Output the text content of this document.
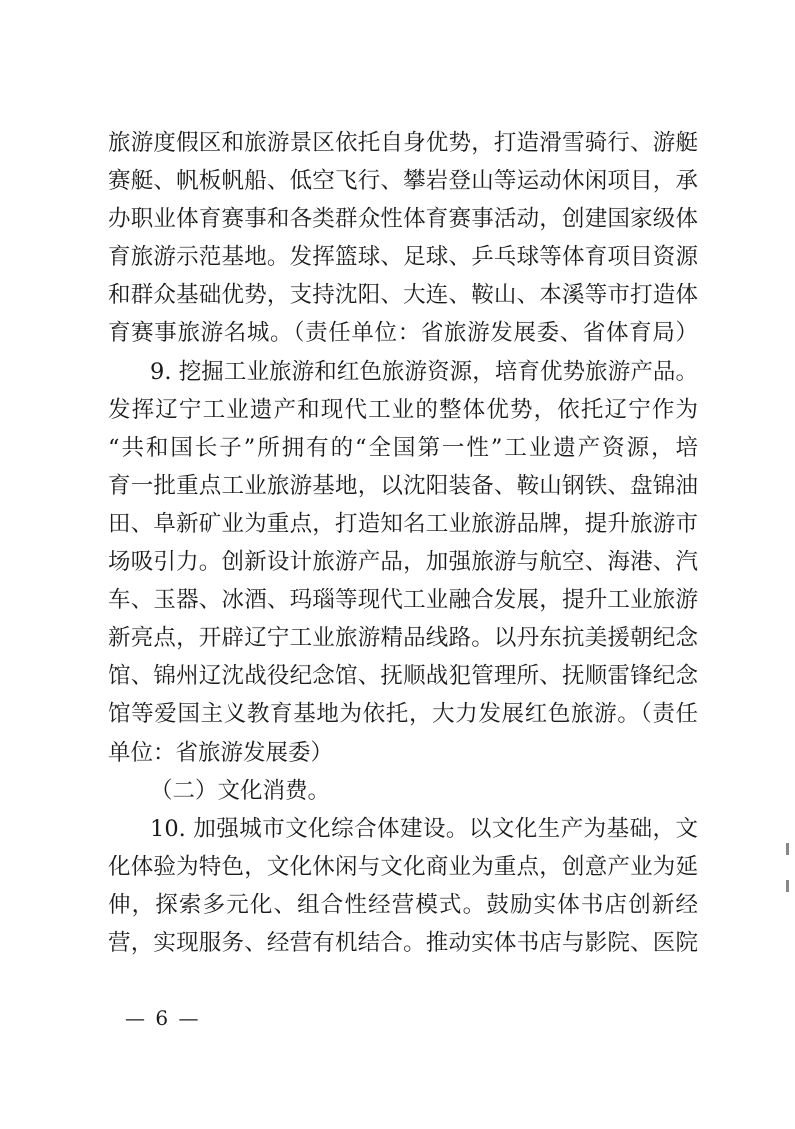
旅游度假区和旅游景区依托自身优势，打造滑雪骑行、游艇
赛艇、帆板帆船、低空飞行、攀岩登山等运动休闲项目，承
办职业体育赛事和各类群众性体育赛事活动，创建国家级体
育旅游示范基地。发挥篮球、足球、乒乓球等体育项目资源
和群众基础优势，支持沈阳、大连、鞍山、本溪等市打造体
育赛事旅游名城。（责任单位：省旅游发展委、省体育局）
9. 挖掘工业旅游和红色旅游资源，培育优势旅游产品。
发挥辽宁工业遗产和现代工业的整体优势，依托辽宁作为
“共和国长子”所拥有的“全国第一性”工业遗产资源，培
育一批重点工业旅游基地，以沈阳装备、鞍山钢铁、盘锦油
田、阜新矿业为重点，打造知名工业旅游品牌，提升旅游市
场吸引力。创新设计旅游产品，加强旅游与航空、海港、汽
车、玉器、冰酒、玛瑙等现代工业融合发展，提升工业旅游
新亮点，开辟辽宁工业旅游精品线路。以丹东抗美援朝纪念
馆、锦州辽沈战役纪念馆、抚顺战犯管理所、抚顺雷锋纪念
馆等爱国主义教育基地为依托，大力发展红色旅游。（责任
单位：省旅游发展委）
（二）文化消费。
10. 加强城市文化综合体建设。以文化生产为基础，文
化体验为特色，文化休闲与文化商业为重点，创意产业为延
伸，探索多元化、组合性经营模式。鼓励实体书店创新经
营，实现服务、经营有机结合。推动实体书店与影院、医院
— 6 —
